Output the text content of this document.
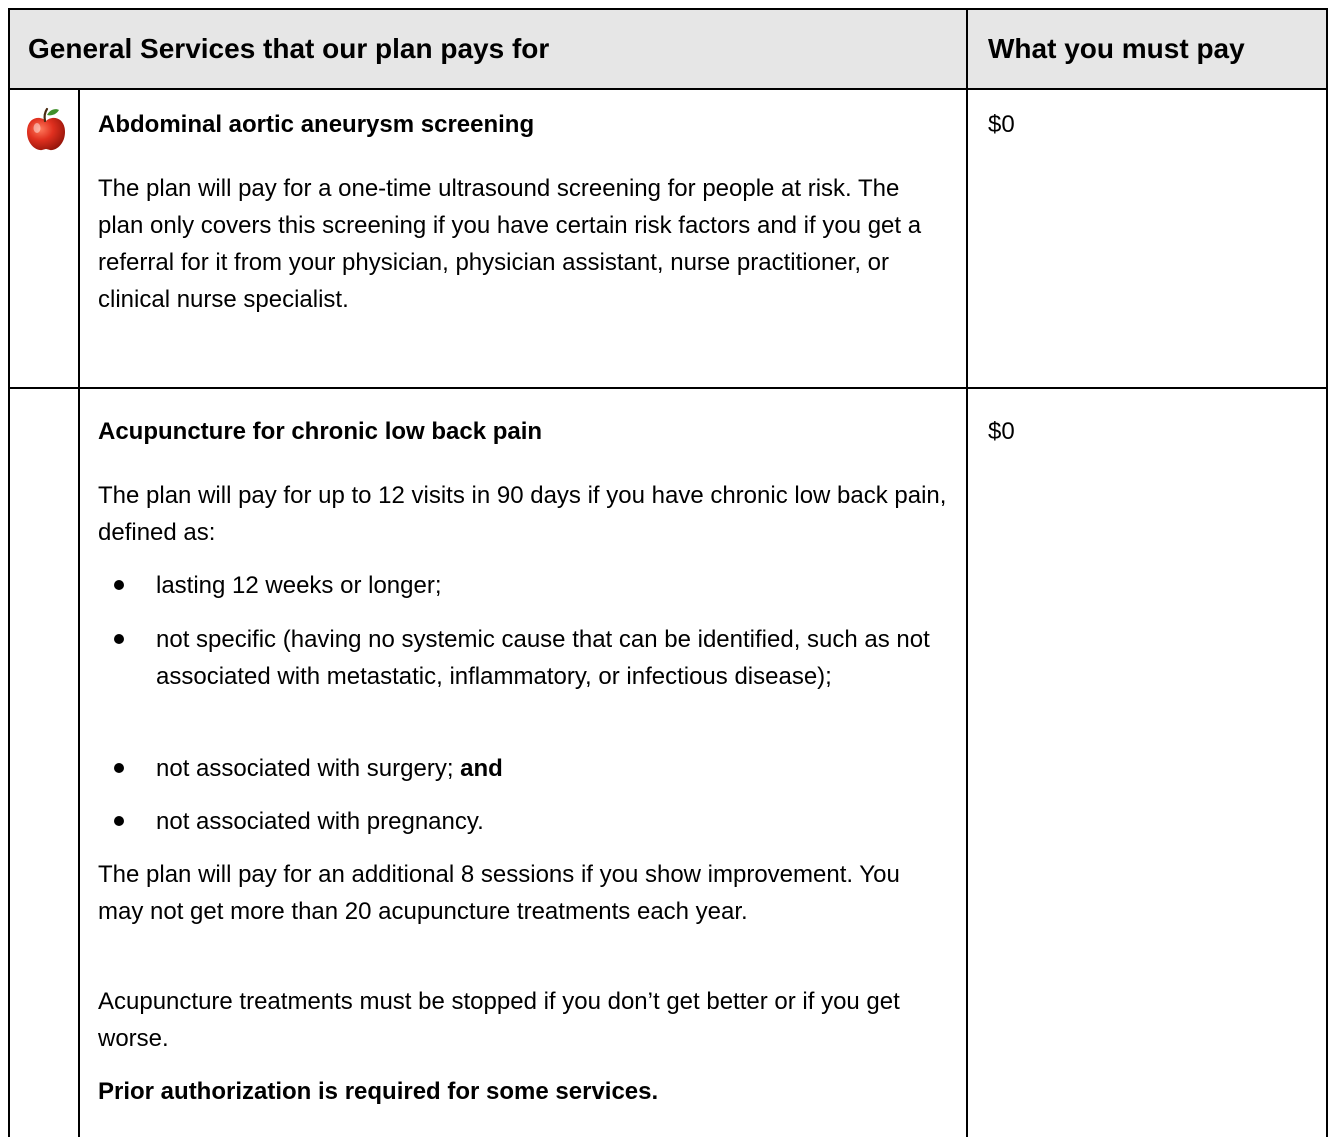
General Services that our plan pays for	What you must pay
Abdominal aortic aneurysm screening
The plan will pay for a one-time ultrasound screening for people at risk. The plan only covers this screening if you have certain risk factors and if you get a referral for it from your physician, physician assistant, nurse practitioner, or clinical nurse specialist.
$0
Acupuncture for chronic low back pain
The plan will pay for up to 12 visits in 90 days if you have chronic low back pain, defined as:
lasting 12 weeks or longer;
not specific (having no systemic cause that can be identified, such as not associated with metastatic, inflammatory, or infectious disease);
not associated with surgery; and
not associated with pregnancy.
The plan will pay for an additional 8 sessions if you show improvement. You may not get more than 20 acupuncture treatments each year.
Acupuncture treatments must be stopped if you don’t get better or if you get worse.
Prior authorization is required for some services.
$0
